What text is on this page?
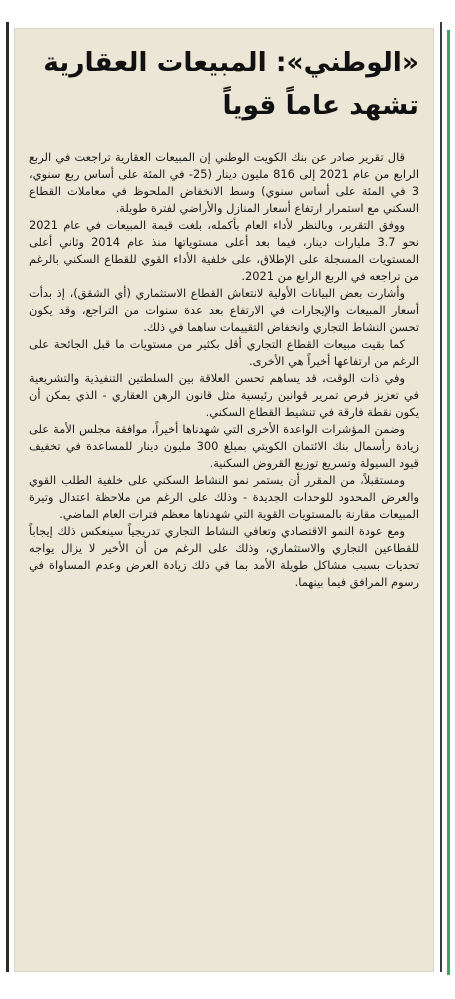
«الوطني»: المبيعات العقارية
تشهد عاماً قوياً

قال تقرير صادر عن بنك الكويت الوطني إن المبيعات العقارية تراجعت في الربع الرابع من عام 2021 إلى 816 مليون دينار (25- في المئة على أساس ربع سنوي، 3 في المئة على أساس سنوي) وسط الانخفاض الملحوظ في معاملات القطاع السكني مع استمرار ارتفاع أسعار المنازل والأراضي لفترة طويلة.

ووفق التقرير، وبالنظر لأداء العام بأكمله، بلغت قيمة المبيعات في عام 2021 نحو 3.7 مليارات دينار، فيما بعد أعلى مستوياتها منذ عام 2014 وثاني أعلى المستويات المسجلة على الإطلاق، على خلفية الأداء القوي للقطاع السكني بالرغم من تراجعه في الربع الرابع من 2021.

وأشارت بعض البيانات الأولية لانتعاش القطاع الاستثماري (أي الشقق)، إذ بدأت أسعار المبيعات والإيجارات في الارتفاع بعد عدة سنوات من التراجع، وقد يكون تحسن النشاط التجاري وانخفاض التقييمات ساهما في ذلك.

كما بقيت مبيعات القطاع التجاري أقل بكثير من مستويات ما قبل الجائحة على الرغم من ارتفاعها أخيراً هي الأخرى.

وفي ذات الوقت، قد يساهم تحسن العلاقة بين السلطتين التنفيذية والتشريعية في تعزيز فرص تمرير قوانين رئيسية مثل قانون الرهن العقاري - الذي يمكن أن يكون نقطة فارقة في تنشيط القطاع السكني.

وضمن المؤشرات الواعدة الأخرى التي شهدناها أخيراً، موافقة مجلس الأمة على زيادة رأسمال بنك الائتمان الكويتي بمبلغ 300 مليون دينار للمساعدة في تخفيف قيود السيولة وتسريع توزيع القروض السكنية.

ومستقبلاً، من المقرر أن يستمر نمو النشاط السكني على خلفية الطلب القوي والعرض المحدود للوحدات الجديدة - وذلك على الرغم من ملاحظة اعتدال وتيرة المبيعات مقارنة بالمستويات القوية التي شهدناها معظم فترات العام الماضي.

ومع عودة النمو الاقتصادي وتعافي النشاط التجاري تدريجياً سينعكس ذلك إيجاباً للقطاعين التجاري والاستثماري، وذلك على الرغم من أن الأخير لا يزال يواجه تحديات بسبب مشاكل طويلة الأمد بما في ذلك زيادة العرض وعدم المساواة في رسوم المرافق فيما بينهما.
